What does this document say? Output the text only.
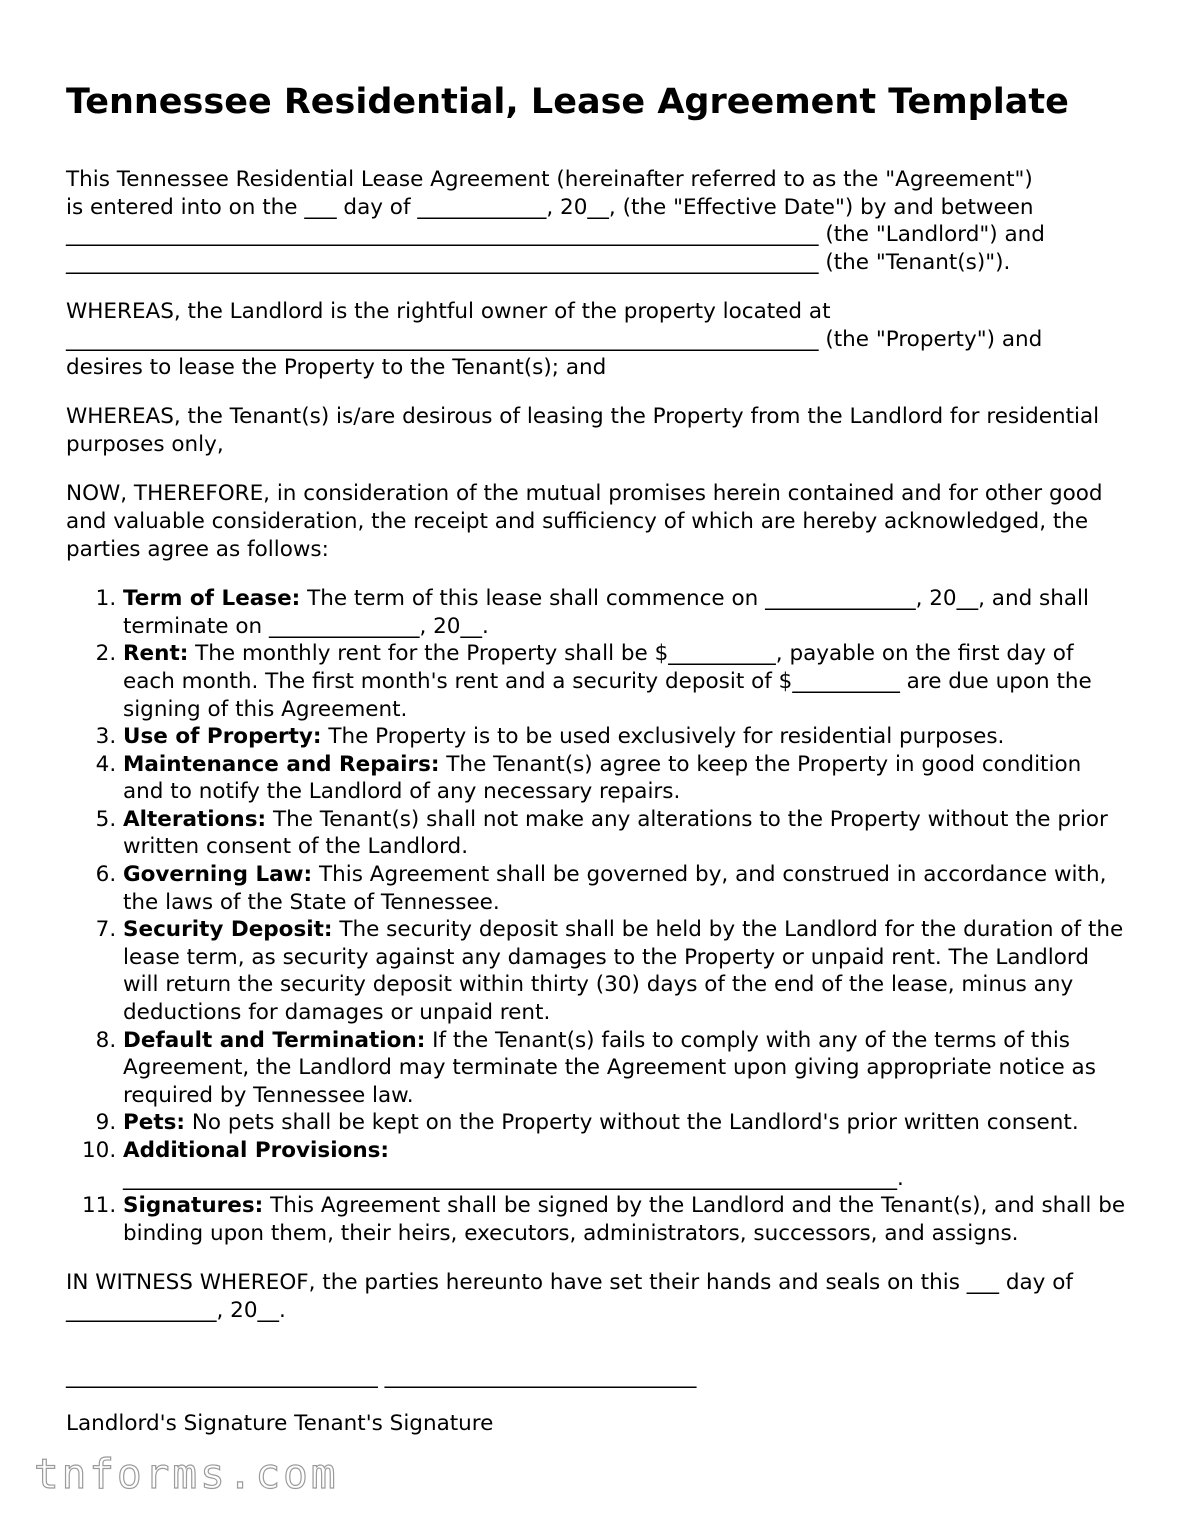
Tennessee Residential, Lease Agreement Template

This Tennessee Residential Lease Agreement (hereinafter referred to as the "Agreement")
is entered into on the ___ day of ____________, 20__, (the "Effective Date") by and between
______________________________________________________________________ (the "Landlord") and
______________________________________________________________________ (the "Tenant(s)").

WHEREAS, the Landlord is the rightful owner of the property located at
______________________________________________________________________ (the "Property") and
desires to lease the Property to the Tenant(s); and

WHEREAS, the Tenant(s) is/are desirous of leasing the Property from the Landlord for residential purposes only,

NOW, THEREFORE, in consideration of the mutual promises herein contained and for other good and valuable consideration, the receipt and sufficiency of which are hereby acknowledged, the parties agree as follows:

1. Term of Lease: The term of this lease shall commence on ______________, 20__, and shall terminate on ______________, 20__.
2. Rent: The monthly rent for the Property shall be $__________, payable on the first day of each month. The first month's rent and a security deposit of $__________ are due upon the signing of this Agreement.
3. Use of Property: The Property is to be used exclusively for residential purposes.
4. Maintenance and Repairs: The Tenant(s) agree to keep the Property in good condition and to notify the Landlord of any necessary repairs.
5. Alterations: The Tenant(s) shall not make any alterations to the Property without the prior written consent of the Landlord.
6. Governing Law: This Agreement shall be governed by, and construed in accordance with, the laws of the State of Tennessee.
7. Security Deposit: The security deposit shall be held by the Landlord for the duration of the lease term, as security against any damages to the Property or unpaid rent. The Landlord will return the security deposit within thirty (30) days of the end of the lease, minus any deductions for damages or unpaid rent.
8. Default and Termination: If the Tenant(s) fails to comply with any of the terms of this Agreement, the Landlord may terminate the Agreement upon giving appropriate notice as required by Tennessee law.
9. Pets: No pets shall be kept on the Property without the Landlord's prior written consent.
10. Additional Provisions: ________________________________________________________________________.
11. Signatures: This Agreement shall be signed by the Landlord and the Tenant(s), and shall be binding upon them, their heirs, executors, administrators, successors, and assigns.

IN WITNESS WHEREOF, the parties hereunto have set their hands and seals on this ___ day of ______________, 20__.

_____________________________ _____________________________
Landlord's Signature Tenant's Signature
tnforms.com
